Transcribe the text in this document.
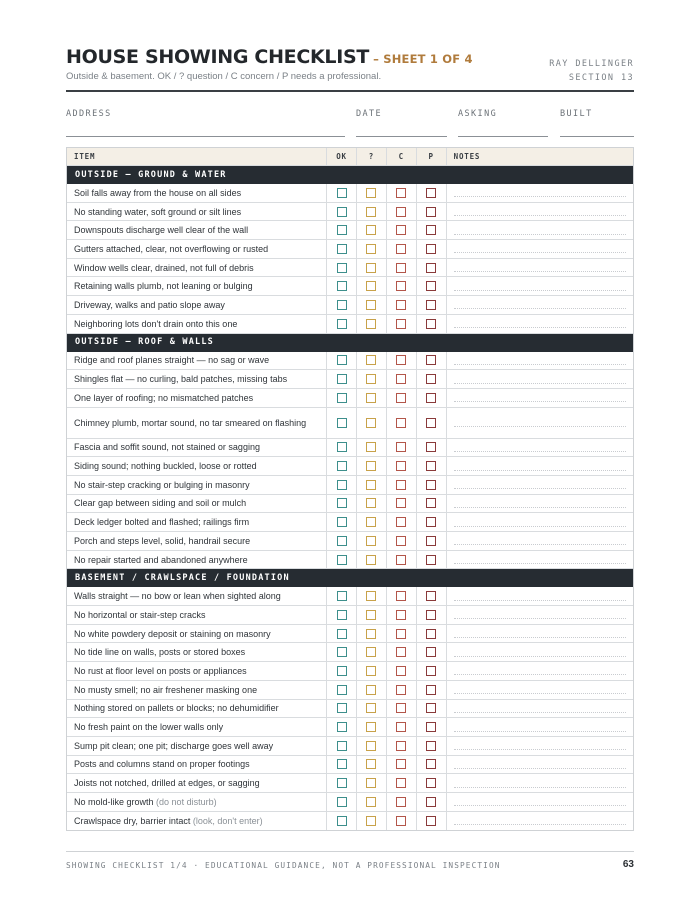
HOUSE SHOWING CHECKLIST – SHEET 1 OF 4
Outside & basement. OK / ? question / C concern / P needs a professional.
RAY DELLINGER
SECTION 13
ADDRESS	DATE	ASKING	BUILT
ITEM	OK	?	C	P	NOTES
OUTSIDE — GROUND & WATER
Soil falls away from the house on all sides
No standing water, soft ground or silt lines
Downspouts discharge well clear of the wall
Gutters attached, clear, not overflowing or rusted
Window wells clear, drained, not full of debris
Retaining walls plumb, not leaning or bulging
Driveway, walks and patio slope away
Neighboring lots don't drain onto this one
OUTSIDE — ROOF & WALLS
Ridge and roof planes straight — no sag or wave
Shingles flat — no curling, bald patches, missing tabs
One layer of roofing; no mismatched patches
Chimney plumb, mortar sound, no tar smeared on flashing
Fascia and soffit sound, not stained or sagging
Siding sound; nothing buckled, loose or rotted
No stair-step cracking or bulging in masonry
Clear gap between siding and soil or mulch
Deck ledger bolted and flashed; railings firm
Porch and steps level, solid, handrail secure
No repair started and abandoned anywhere
BASEMENT / CRAWLSPACE / FOUNDATION
Walls straight — no bow or lean when sighted along
No horizontal or stair-step cracks
No white powdery deposit or staining on masonry
No tide line on walls, posts or stored boxes
No rust at floor level on posts or appliances
No musty smell; no air freshener masking one
Nothing stored on pallets or blocks; no dehumidifier
No fresh paint on the lower walls only
Sump pit clean; one pit; discharge goes well away
Posts and columns stand on proper footings
Joists not notched, drilled at edges, or sagging
No mold-like growth (do not disturb)
Crawlspace dry, barrier intact (look, don't enter)
SHOWING CHECKLIST 1/4 · EDUCATIONAL GUIDANCE, NOT A PROFESSIONAL INSPECTION	63
